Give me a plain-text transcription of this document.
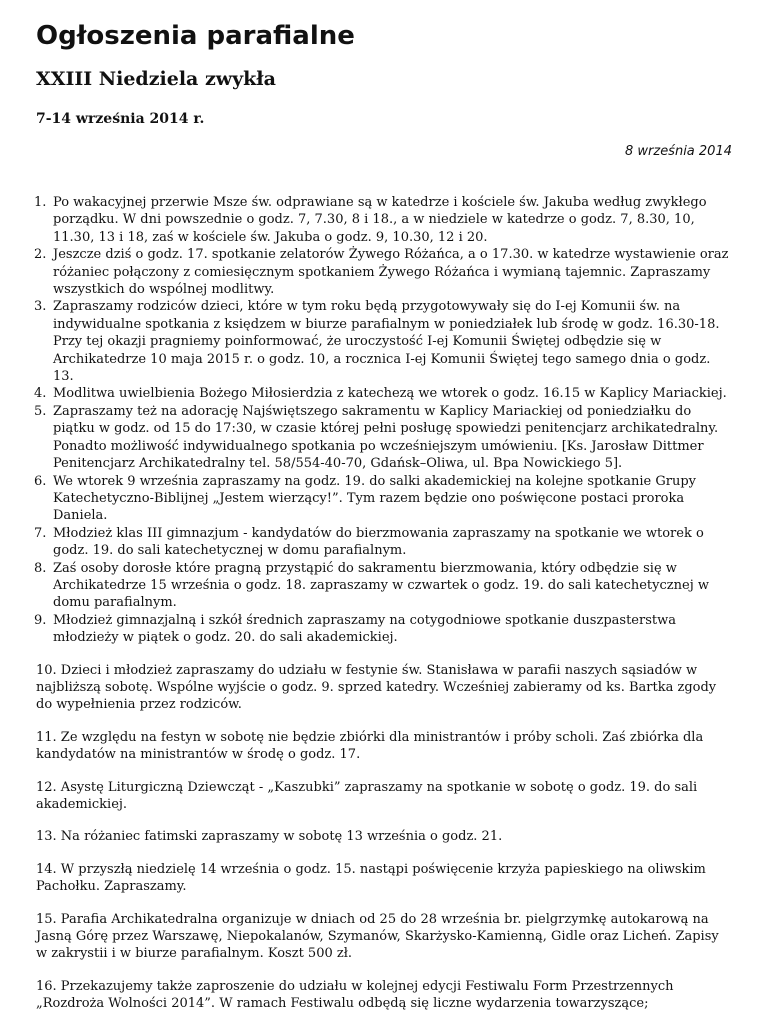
Ogłoszenia parafialne
XXIII Niedziela zwykła
7-14 września 2014 r.
8 września 2014
1. Po wakacyjnej przerwie Msze św. odprawiane są w katedrze i kościele św. Jakuba według zwykłego porządku. W dni powszednie o godz. 7, 7.30, 8 i 18., a w niedziele w katedrze o godz. 7, 8.30, 10, 11.30, 13 i 18, zaś w kościele św. Jakuba o godz. 9, 10.30, 12 i 20.
2. Jeszcze dziś o godz. 17. spotkanie zelatorów Żywego Różańca, a o 17.30. w katedrze wystawienie oraz różaniec połączony z comiesięcznym spotkaniem Żywego Różańca i wymianą tajemnic. Zapraszamy wszystkich do wspólnej modlitwy.
3. Zapraszamy rodziców dzieci, które w tym roku będą przygotowywały się do I-ej Komunii św. na indywidualne spotkania z księdzem w biurze parafialnym w poniedziałek lub środę w godz. 16.30-18. Przy tej okazji pragniemy poinformować, że uroczystość I-ej Komunii Świętej odbędzie się w Archikatedrze 10 maja 2015 r. o godz. 10, a rocznica I-ej Komunii Świętej tego samego dnia o godz. 13.
4. Modlitwa uwielbienia Bożego Miłosierdzia z katechezą we wtorek o godz. 16.15 w Kaplicy Mariackiej.
5. Zapraszamy też na adorację Najświętszego sakramentu w Kaplicy Mariackiej od poniedziałku do piątku w godz. od 15 do 17:30, w czasie której pełni posługę spowiedzi penitencjarz archikatedralny. Ponadto możliwość indywidualnego spotkania po wcześniejszym umówieniu. [Ks. Jarosław Dittmer Penitencjarz Archikatedralny tel. 58/554-40-70, Gdańsk–Oliwa, ul. Bpa Nowickiego 5].
6. We wtorek 9 września zapraszamy na godz. 19. do salki akademickiej na kolejne spotkanie Grupy Katechetyczno-Biblijnej „Jestem wierzący!”. Tym razem będzie ono poświęcone postaci proroka Daniela.
7. Młodzież klas III gimnazjum - kandydatów do bierzmowania zapraszamy na spotkanie we wtorek o godz. 19. do sali katechetycznej w domu parafialnym.
8. Zaś osoby dorosłe które pragną przystąpić do sakramentu bierzmowania, który odbędzie się w Archikatedrze 15 września o godz. 18. zapraszamy w czwartek o godz. 19. do sali katechetycznej w domu parafialnym.
9. Młodzież gimnazjalną i szkół średnich zapraszamy na cotygodniowe spotkanie duszpasterstwa młodzieży w piątek o godz. 20. do sali akademickiej.

10. Dzieci i młodzież zapraszamy do udziału w festynie św. Stanisława w parafii naszych sąsiadów w najbliższą sobotę. Wspólne wyjście o godz. 9. sprzed katedry. Wcześniej zabieramy od ks. Bartka zgody do wypełnienia przez rodziców.

11. Ze względu na festyn w sobotę nie będzie zbiórki dla ministrantów i próby scholi. Zaś zbiórka dla kandydatów na ministrantów w środę o godz. 17.

12. Asystę Liturgiczną Dziewcząt - „Kaszubki” zapraszamy na spotkanie w sobotę o godz. 19. do sali akademickiej.

13. Na różaniec fatimski zapraszamy w sobotę 13 września o godz. 21.

14. W przyszłą niedzielę 14 września o godz. 15. nastąpi poświęcenie krzyża papieskiego na oliwskim Pachołku. Zapraszamy.

15. Parafia Archikatedralna organizuje w dniach od 25 do 28 września br. pielgrzymkę autokarową na Jasną Górę przez Warszawę, Niepokalanów, Szymanów, Skarżysko-Kamienną, Gidle oraz Licheń. Zapisy w zakrystii i w biurze parafialnym. Koszt 500 zł.

16. Przekazujemy także zaproszenie do udziału w kolejnej edycji Festiwalu Form Przestrzennych „Rozdroża Wolności 2014”. W ramach Festiwalu odbędą się liczne wydarzenia towarzyszące;
